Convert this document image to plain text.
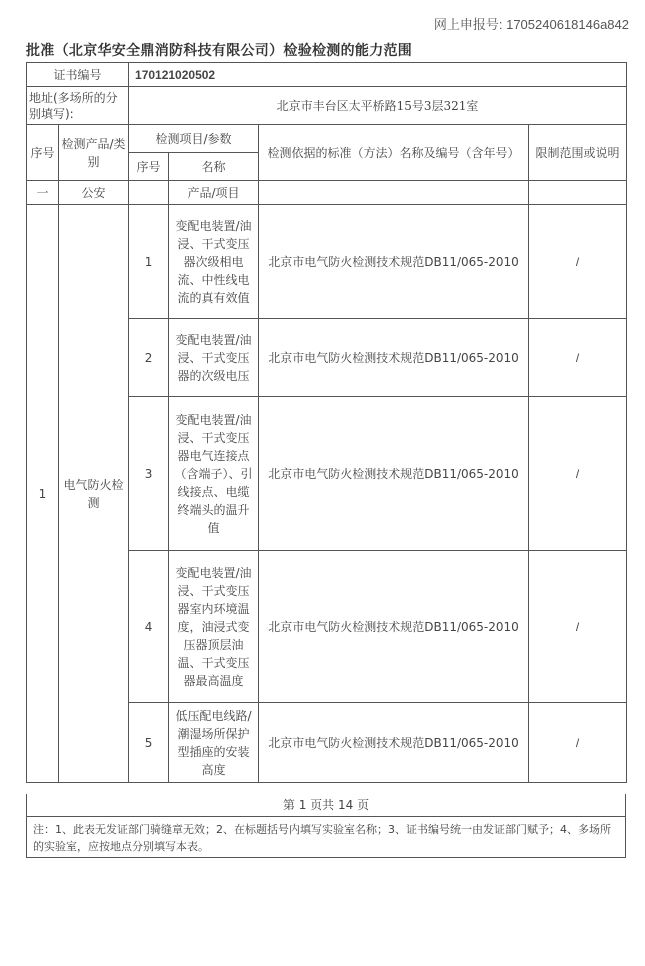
网上申报号: 1705240618146a842
批准（北京华安全鼎消防科技有限公司）检验检测的能力范围
证书编号		170121020502			
地址(多场所的分别填写):		北京市丰台区太平桥路15号3层321室			
序号	检测产品/类别	检测项目/参数		检测依据的标准（方法）名称及编号（含年号）	限制范围或说明
		序号	名称		
一	公安		产品/项目		
1	电气防火检测	1	变配电装置/油浸、干式变压器次级相电流、中性线电流的真有效值	北京市电气防火检测技术规范DB11/065-2010	/
		2	变配电装置/油浸、干式变压器的次级电压	北京市电气防火检测技术规范DB11/065-2010	/
		3	变配电装置/油浸、干式变压器电气连接点（含端子）、引线接点、电缆终端头的温升值	北京市电气防火检测技术规范DB11/065-2010	/
		4	变配电装置/油浸、干式变压器室内环境温度，油浸式变压器顶层油温、干式变压器最高温度	北京市电气防火检测技术规范DB11/065-2010	/
		5	低压配电线路/潮湿场所保护型插座的安装高度	北京市电气防火检测技术规范DB11/065-2010	/
第 1 页共 14 页
注：1、此表无发证部门骑缝章无效；2、在标题括号内填写实验室名称；3、证书编号统一由发证部门赋予；4、多场所的实验室，应按地点分别填写本表。
